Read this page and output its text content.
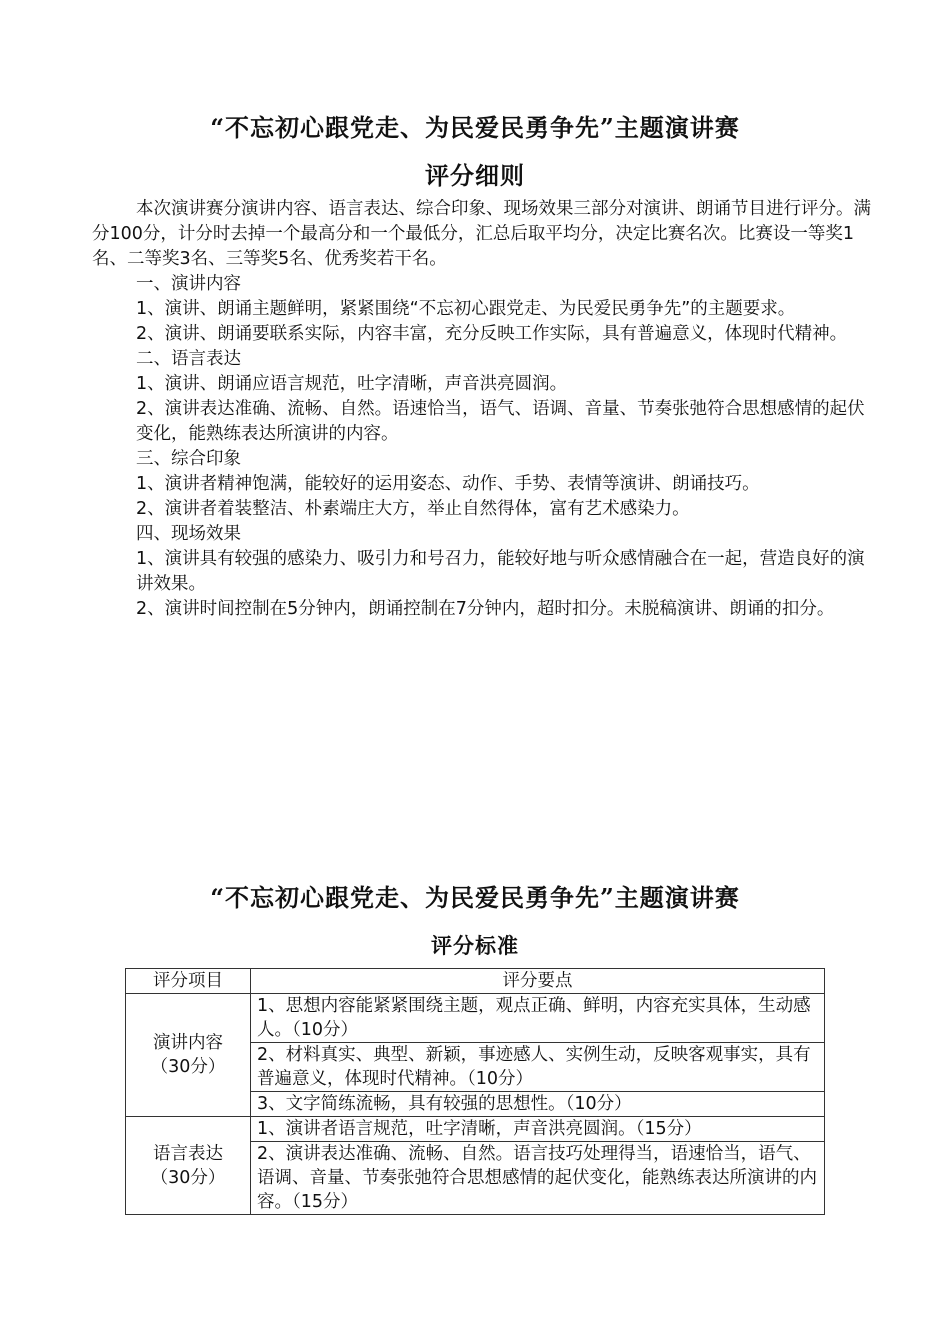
“不忘初心跟党走、为民爱民勇争先”主题演讲赛
评分细则

本次演讲赛分演讲内容、语言表达、综合印象、现场效果三部分对演讲、朗诵节目进行评分。满分100分，计分时去掉一个最高分和一个最低分，汇总后取平均分，决定比赛名次。比赛设一等奖1名、二等奖3名、三等奖5名、优秀奖若干名。

一、演讲内容

1、演讲、朗诵主题鲜明，紧紧围绕“不忘初心跟党走、为民爱民勇争先”的主题要求。

2、演讲、朗诵要联系实际，内容丰富，充分反映工作实际，具有普遍意义，体现时代精神。

二、语言表达

1、演讲、朗诵应语言规范，吐字清晰，声音洪亮圆润。

2、演讲表达准确、流畅、自然。语速恰当，语气、语调、音量、节奏张弛符合思想感情的起伏变化，能熟练表达所演讲的内容。

三、综合印象

1、演讲者精神饱满，能较好的运用姿态、动作、手势、表情等演讲、朗诵技巧。

2、演讲者着装整洁、朴素端庄大方，举止自然得体，富有艺术感染力。

四、现场效果

1、演讲具有较强的感染力、吸引力和号召力，能较好地与听众感情融合在一起，营造良好的演讲效果。

2、演讲时间控制在5分钟内，朗诵控制在7分钟内，超时扣分。未脱稿演讲、朗诵的扣分。

“不忘初心跟党走、为民爱民勇争先”主题演讲赛
评分标准
评分项目	评分要点

演讲内容
（30分）	1、思想内容能紧紧围绕主题，观点正确、鲜明，内容充实具体，生动感人。（10分）
	2、材料真实、典型、新颖，事迹感人、实例生动，反映客观事实，具有普遍意义，体现时代精神。（10分）
	3、文字简练流畅，具有较强的思想性。（10分）

语言表达
（30分）	1、演讲者语言规范，吐字清晰，声音洪亮圆润。（15分）
	2、演讲表达准确、流畅、自然。语言技巧处理得当，语速恰当，语气、语调、音量、节奏张弛符合思想感情的起伏变化，能熟练表达所演讲的内容。（15分）
